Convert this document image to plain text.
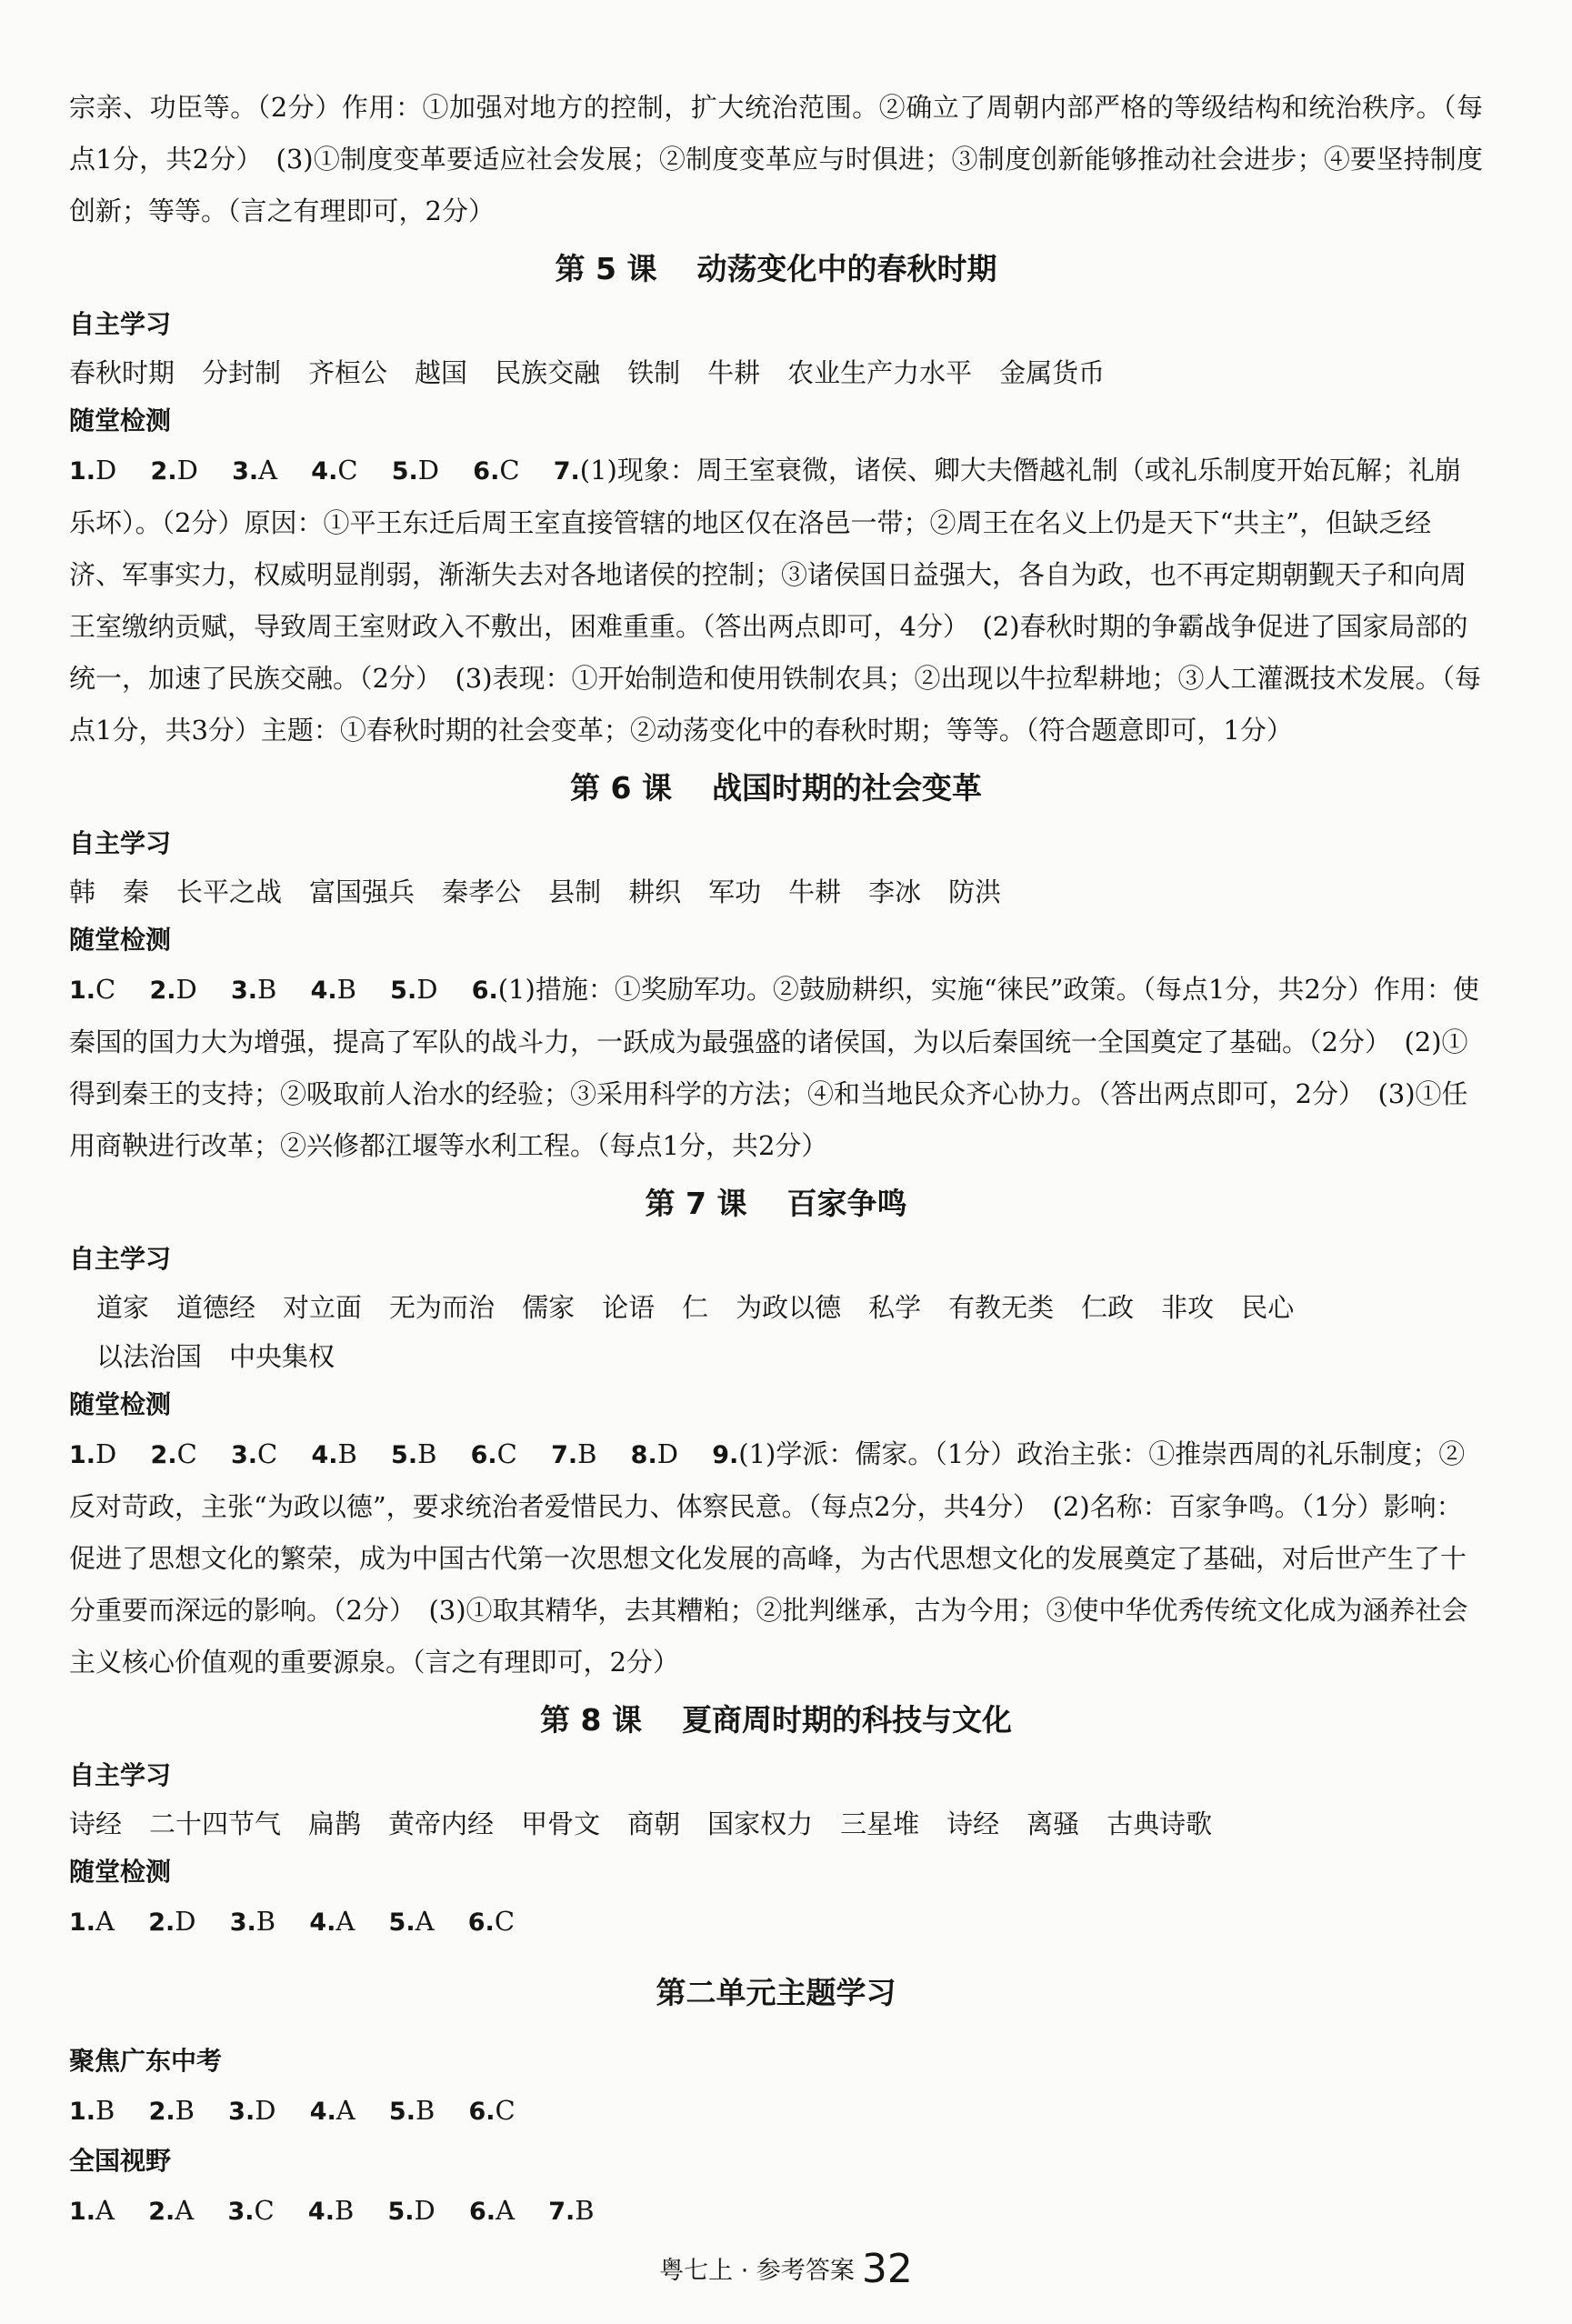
宗亲、功臣等。（2分）作用：①加强对地方的控制，扩大统治范围。②确立了周朝内部严格的等级结构和统治秩序。（每点1分，共2分）　(3)①制度变革要适应社会发展；②制度变革应与时俱进；③制度创新能够推动社会进步；④要坚持制度创新；等等。（言之有理即可，2分）

第 5 课 动荡变化中的春秋时期

自主学习

春秋时期 分封制 齐桓公 越国 民族交融 铁制 牛耕 农业生产力水平 金属货币

随堂检测

1.D 2.D 3.A 4.C 5.D 6.C 7.(1)现象：周王室衰微，诸侯、卿大夫僭越礼制（或礼乐制度开始瓦解；礼崩乐坏）。（2分）原因：①平王东迁后周王室直接管辖的地区仅在洛邑一带；②周王在名义上仍是天下“共主”，但缺乏经济、军事实力，权威明显削弱，渐渐失去对各地诸侯的控制；③诸侯国日益强大，各自为政，也不再定期朝觐天子和向周王室缴纳贡赋，导致周王室财政入不敷出，困难重重。（答出两点即可，4分）　(2)春秋时期的争霸战争促进了国家局部的统一，加速了民族交融。（2分）　(3)表现：①开始制造和使用铁制农具；②出现以牛拉犁耕地；③人工灌溉技术发展。（每点1分，共3分）主题：①春秋时期的社会变革；②动荡变化中的春秋时期；等等。（符合题意即可，1分）

第 6 课 战国时期的社会变革

自主学习

韩 秦 长平之战 富国强兵 秦孝公 县制 耕织 军功 牛耕 李冰 防洪

随堂检测

1.C 2.D 3.B 4.B 5.D 6.(1)措施：①奖励军功。②鼓励耕织，实施“徕民”政策。（每点1分，共2分）作用：使秦国的国力大为增强，提高了军队的战斗力，一跃成为最强盛的诸侯国，为以后秦国统一全国奠定了基础。（2分）　(2)①得到秦王的支持；②吸取前人治水的经验；③采用科学的方法；④和当地民众齐心协力。（答出两点即可，2分）　(3)①任用商鞅进行改革；②兴修都江堰等水利工程。（每点1分，共2分）

第 7 课 百家争鸣

自主学习

道家 道德经 对立面 无为而治 儒家 论语 仁 为政以德 私学 有教无类 仁政 非攻 民心
以法治国 中央集权

随堂检测

1.D 2.C 3.C 4.B 5.B 6.C 7.B 8.D 9.(1)学派：儒家。（1分）政治主张：①推崇西周的礼乐制度；②反对苛政，主张“为政以德”，要求统治者爱惜民力、体察民意。（每点2分，共4分）　(2)名称：百家争鸣。（1分）影响：促进了思想文化的繁荣，成为中国古代第一次思想文化发展的高峰，为古代思想文化的发展奠定了基础，对后世产生了十分重要而深远的影响。（2分）　(3)①取其精华，去其糟粕；②批判继承，古为今用；③使中华优秀传统文化成为涵养社会主义核心价值观的重要源泉。（言之有理即可，2分）

第 8 课 夏商周时期的科技与文化

自主学习

诗经 二十四节气 扁鹊 黄帝内经 甲骨文 商朝 国家权力 三星堆 诗经 离骚 古典诗歌

随堂检测

1.A 2.D 3.B 4.A 5.A 6.C

第二单元主题学习

聚焦广东中考

1.B 2.B 3.D 4.A 5.B 6.C

全国视野

1.A 2.A 3.C 4.B 5.D 6.A 7.B

粤七上 · 参考答案 32
